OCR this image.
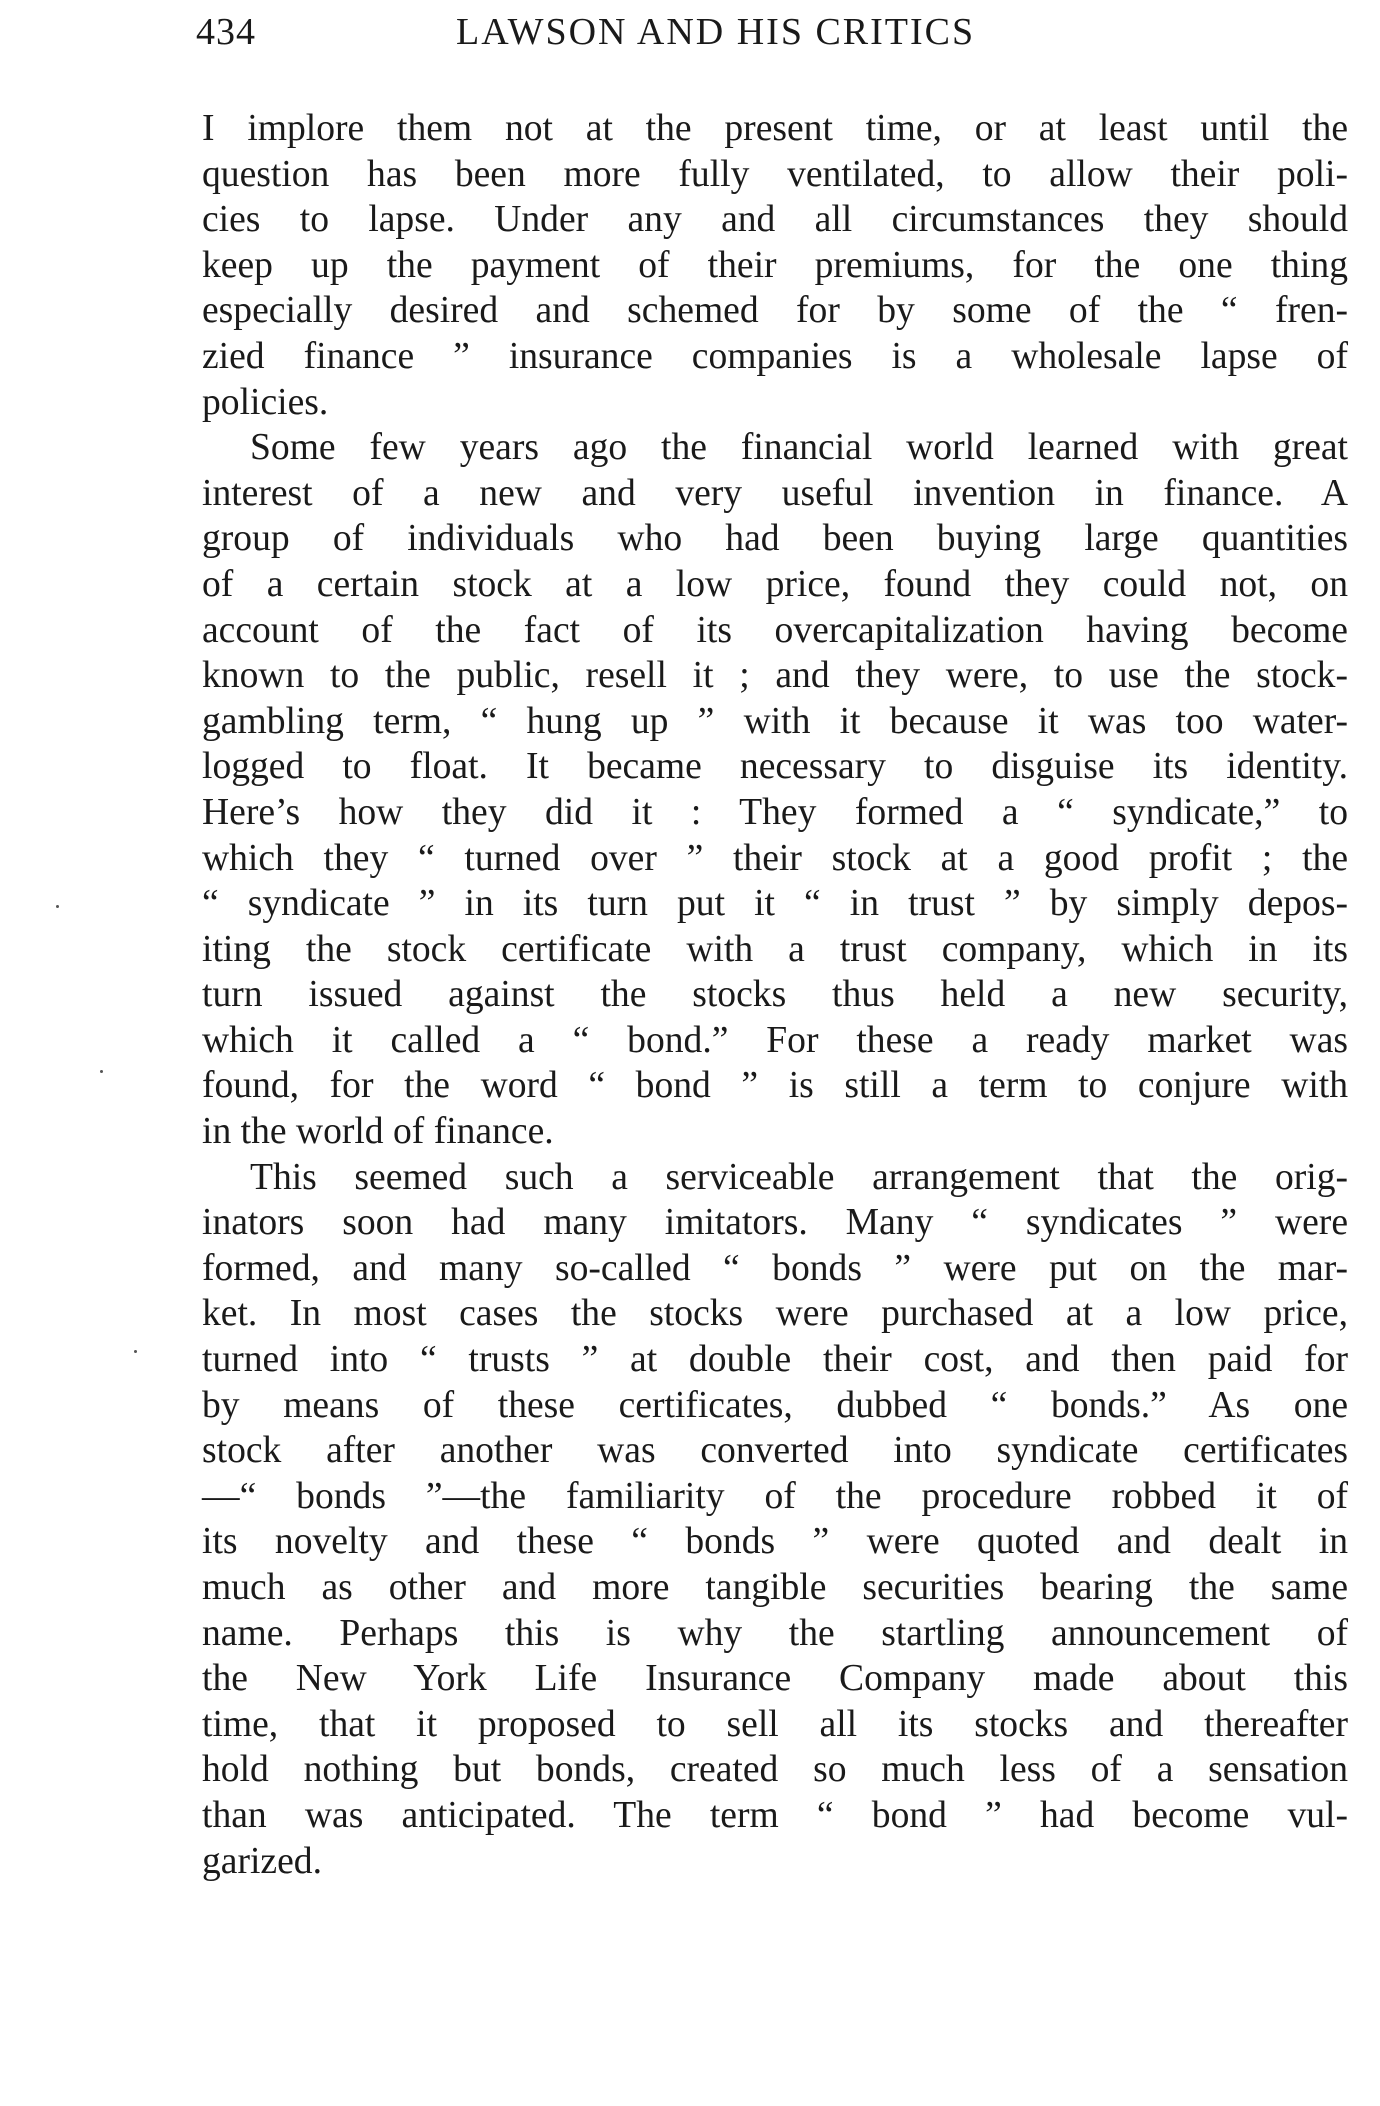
434	LAWSON AND HIS CRITICS
I implore them not at the present time, or at least until the
question has been more fully ventilated, to allow their poli-
cies to lapse. Under any and all circumstances they should
keep up the payment of their premiums, for the one thing
especially desired and schemed for by some of the “ fren-
zied finance ” insurance companies is a wholesale lapse of
policies.
Some few years ago the financial world learned with great
interest of a new and very useful invention in finance. A
group of individuals who had been buying large quantities
of a certain stock at a low price, found they could not, on
account of the fact of its overcapitalization having become
known to the public, resell it ; and they were, to use the stock-
gambling term, “ hung up ” with it because it was too water-
logged to float. It became necessary to disguise its identity.
Here’s how they did it : They formed a “ syndicate,” to
which they “ turned over ” their stock at a good profit ; the
“ syndicate ” in its turn put it “ in trust ” by simply depos-
iting the stock certificate with a trust company, which in its
turn issued against the stocks thus held a new security,
which it called a “ bond.” For these a ready market was
found, for the word “ bond ” is still a term to conjure with
in the world of finance.
This seemed such a serviceable arrangement that the orig-
inators soon had many imitators. Many “ syndicates ” were
formed, and many so-called “ bonds ” were put on the mar-
ket. In most cases the stocks were purchased at a low price,
turned into “ trusts ” at double their cost, and then paid for
by means of these certificates, dubbed “ bonds.” As one
stock after another was converted into syndicate certificates
—“ bonds ”—the familiarity of the procedure robbed it of
its novelty and these “ bonds ” were quoted and dealt in
much as other and more tangible securities bearing the same
name. Perhaps this is why the startling announcement of
the New York Life Insurance Company made about this
time, that it proposed to sell all its stocks and thereafter
hold nothing but bonds, created so much less of a sensation
than was anticipated. The term “ bond ” had become vul-
garized.
